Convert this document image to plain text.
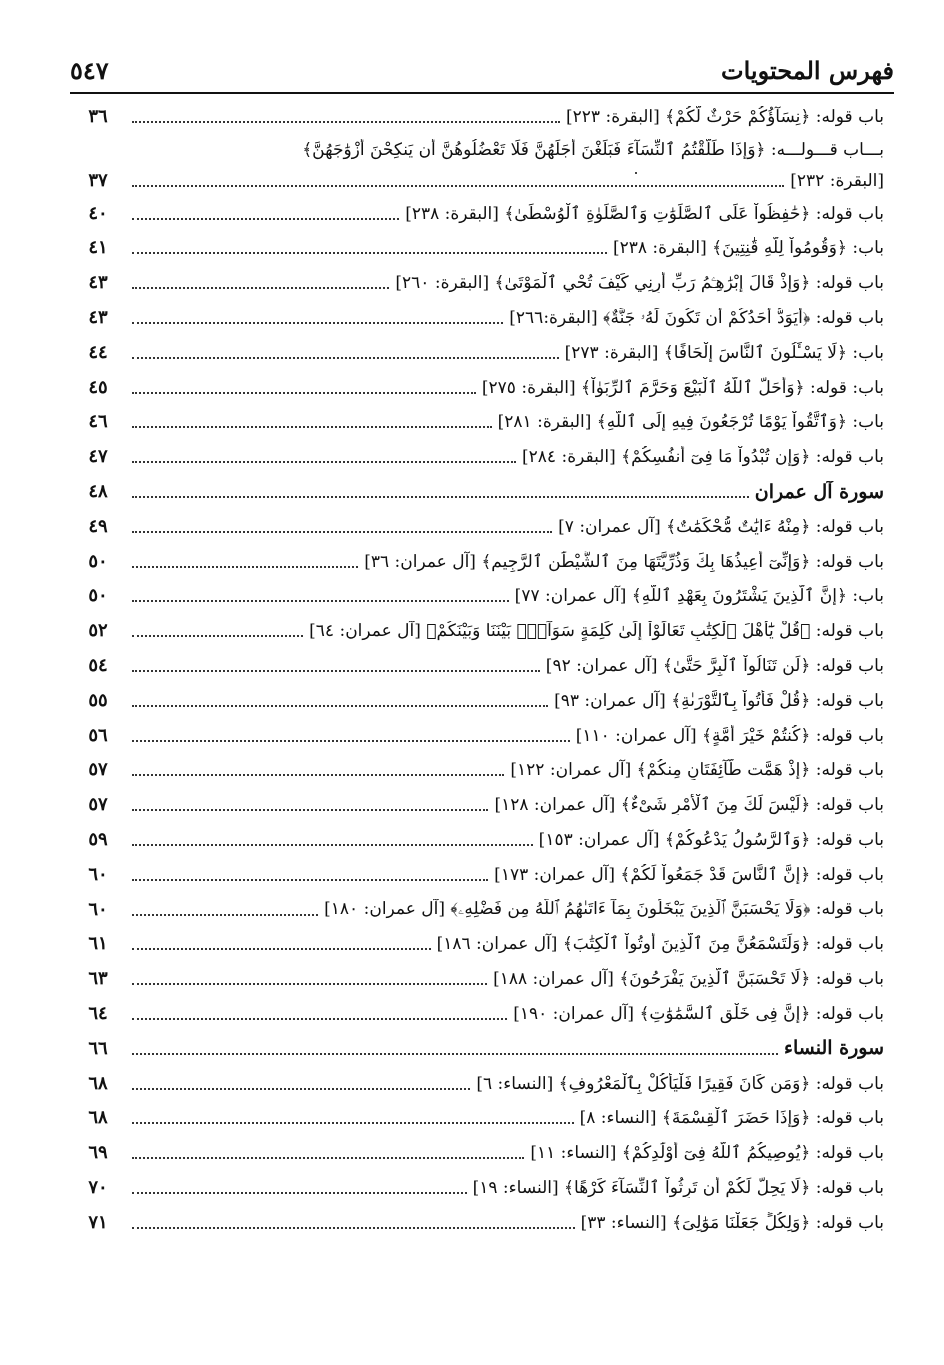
فهرس المحتويات
٥٤٧
باب قوله: ﴿نِسَآؤُكُمْ حَرْثٌ لَّكُمْ﴾ [البقرة: ٢٢٣]
٣٦
بـــاب قـــولـــه: ﴿وَإِذَا طَلَّقْتُمُ ٱلنِّسَآءَ فَبَلَغْنَ أَجَلَهُنَّ فَلَا تَعْضُلُوهُنَّ أَن يَنكِحْنَ أَزْوَٰجَهُنَّ﴾
[البقرة: ٢٣٢]
٣٧
باب قوله: ﴿حَٰفِظُواْ عَلَى ٱلصَّلَوَٰتِ وَٱلصَّلَوٰةِ ٱلْوُسْطَىٰ﴾ [البقرة: ٢٣٨]
٤٠
باب: ﴿وَقُومُواْ لِلَّهِ قَٰنِتِينَ﴾ [البقرة: ٢٣٨]
٤١
باب قوله: ﴿وَإِذْ قَالَ إِبْرَٰهِـۧمُ رَبِّ أَرِنِي كَيْفَ تُحْيِ ٱلْمَوْتَىٰ﴾ [البقرة: ٢٦٠]
٤٣
باب قوله: ﴿أَيَوَدُّ أَحَدُكُمْ أَن تَكُونَ لَهُۥ جَنَّةٌ﴾ [البقرة:٢٦٦]
٤٣
باب: ﴿لَا يَسْـَٔلُونَ ٱلنَّاسَ إِلْحَافًا﴾ [البقرة: ٢٧٣]
٤٤
باب: قوله: ﴿وَأَحَلَّ ٱللَّهُ ٱلْبَيْعَ وَحَرَّمَ ٱلرِّبَوٰاْ﴾ [البقرة: ٢٧٥]
٤٥
باب: ﴿وَٱتَّقُواْ يَوْمًا تُرْجَعُونَ فِيهِ إِلَى ٱللَّهِ﴾ [البقرة: ٢٨١]
٤٦
باب قوله: ﴿وَإِن تُبْدُواْ مَا فِىٓ أَنفُسِكُمْ﴾ [البقرة: ٢٨٤]
٤٧
سورة آل عمران
٤٨
باب قوله: ﴿مِنْهُ ءَايَٰتٌ مُّحْكَمَٰتٌ﴾ [آل عمران: ٧]
٤٩
باب قوله: ﴿وَإِنِّىٓ أُعِيذُهَا بِكَ وَذُرِّيَّتَهَا مِنَ ٱلشَّيْطَٰنِ ٱلرَّجِيمِ﴾ [آل عمران: ٣٦]
٥٠
باب: ﴿إِنَّ ٱلَّذِينَ يَشْتَرُونَ بِعَهْدِ ٱللَّهِ﴾ [آل عمران: ٧٧]
٥٠
باب قوله: ﴿قُلْ يَٰٓأَهْلَ ٱلْكِتَٰبِ تَعَالَوْاْ إِلَىٰ كَلِمَةٍ سَوَآءٍۭ بَيْنَنَا وَبَيْنَكُمْ﴾ [آل عمران: ٦٤]
٥٢
باب قوله: ﴿لَن تَنَالُواْ ٱلْبِرَّ حَتَّىٰ﴾ [آل عمران: ٩٢]
٥٤
باب قوله: ﴿قُلْ فَأْتُواْ بِٱلتَّوْرَىٰةِ﴾ [آل عمران: ٩٣]
٥٥
باب قوله: ﴿كُنتُمْ خَيْرَ أُمَّةٍ﴾ [آل عمران: ١١٠]
٥٦
باب قوله: ﴿إِذْ هَمَّت طَّآئِفَتَانِ مِنكُمْ﴾ [آل عمران: ١٢٢]
٥٧
باب قوله: ﴿لَيْسَ لَكَ مِنَ ٱلْأَمْرِ شَىْءٌ﴾ [آل عمران: ١٢٨]
٥٧
باب قوله: ﴿وَٱلرَّسُولُ يَدْعُوكُمْ﴾ [آل عمران: ١٥٣]
٥٩
باب قوله: ﴿إِنَّ ٱلنَّاسَ قَدْ جَمَعُواْ لَكُمْ﴾ [آل عمران: ١٧٣]
٦٠
باب قوله: ﴿وَلَا يَحْسَبَنَّ ٱلَّذِينَ يَبْخَلُونَ بِمَآ ءَاتَىٰهُمُ ٱللَّهُ مِن فَضْلِهِۦ﴾ [آل عمران: ١٨٠]
٦٠
باب قوله: ﴿وَلَتَسْمَعُنَّ مِنَ ٱلَّذِينَ أُوتُواْ ٱلْكِتَٰبَ﴾ [آل عمران: ١٨٦]
٦١
باب قوله: ﴿لَا تَحْسَبَنَّ ٱلَّذِينَ يَفْرَحُونَ﴾ [آل عمران: ١٨٨]
٦٣
باب قوله: ﴿إِنَّ فِى خَلْقِ ٱلسَّمَٰوَٰتِ﴾ [آل عمران: ١٩٠]
٦٤
سورة النساء
٦٦
باب قوله: ﴿وَمَن كَانَ فَقِيرًا فَلْيَأْكُلْ بِٱلْمَعْرُوفِ﴾ [النساء: ٦]
٦٨
باب قوله: ﴿وَإِذَا حَضَرَ ٱلْقِسْمَةَ﴾ [النساء: ٨]
٦٨
باب قوله: ﴿يُوصِيكُمُ ٱللَّهُ فِىٓ أَوْلَٰدِكُمْ﴾ [النساء: ١١]
٦٩
باب قوله: ﴿لَا يَحِلُّ لَكُمْ أَن تَرِثُواْ ٱلنِّسَآءَ كَرْهًا﴾ [النساء: ١٩]
٧٠
باب قوله: ﴿وَلِكُلٍّ جَعَلْنَا مَوَٰلِىَ﴾ [النساء: ٣٣]
٧١
